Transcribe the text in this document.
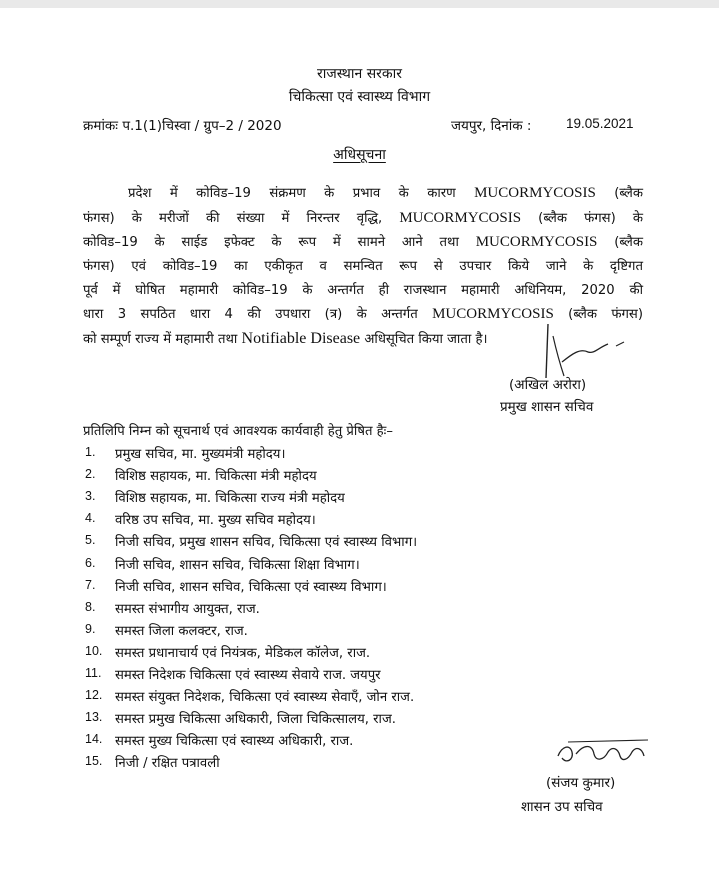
राजस्थान सरकार
चिकित्सा एवं स्वास्थ्य विभाग
क्रमांकः प.1(1)चिस्वा / ग्रुप–2 / 2020	जयपुर, दिनांक :	19.05.2021
अधिसूचना
प्रदेश में कोविड–19 संक्रमण के प्रभाव के कारण MUCORMYCOSIS (ब्लैक
फंगस) के मरीजों की संख्या में निरन्तर वृद्धि, MUCORMYCOSIS (ब्लैक फंगस) के
कोविड–19 के साईड इफेक्ट के रूप में सामने आने तथा MUCORMYCOSIS (ब्लैक
फंगस) एवं कोविड–19 का एकीकृत व समन्वित रूप से उपचार किये जाने के दृष्टिगत
पूर्व में घोषित महामारी कोविड–19 के अन्तर्गत ही राजस्थान महामारी अधिनियम, 2020 की
धारा 3 सपठित धारा 4 की उपधारा (त्र) के अन्तर्गत MUCORMYCOSIS (ब्लैक फंगस)
को सम्पूर्ण राज्य में महामारी तथा Notifiable Disease अधिसूचित किया जाता है।
(अखिल अरोरा)
प्रमुख शासन सचिव
प्रतिलिपि निम्न को सूचनार्थ एवं आवश्यक कार्यवाही हेतु प्रेषित हैः–
1. प्रमुख सचिव, मा. मुख्यमंत्री महोदय।
2. विशिष्ठ सहायक, मा. चिकित्सा मंत्री महोदय
3. विशिष्ठ सहायक, मा. चिकित्सा राज्य मंत्री महोदय
4. वरिष्ठ उप सचिव, मा. मुख्य सचिव महोदय।
5. निजी सचिव, प्रमुख शासन सचिव, चिकित्सा एवं स्वास्थ्य विभाग।
6. निजी सचिव, शासन सचिव, चिकित्सा शिक्षा विभाग।
7. निजी सचिव, शासन सचिव, चिकित्सा एवं स्वास्थ्य विभाग।
8. समस्त संभागीय आयुक्त, राज.
9. समस्त जिला कलक्टर, राज.
10. समस्त प्रधानाचार्य एवं नियंत्रक, मेडिकल कॉलेज, राज.
11. समस्त निदेशक चिकित्सा एवं स्वास्थ्य सेवाये राज. जयपुर
12. समस्त संयुक्त निदेशक, चिकित्सा एवं स्वास्थ्य सेवाएँ, जोन राज.
13. समस्त प्रमुख चिकित्सा अधिकारी, जिला चिकित्सालय, राज.
14. समस्त मुख्य चिकित्सा एवं स्वास्थ्य अधिकारी, राज.
15. निजी / रक्षित पत्रावली
(संजय कुमार)
शासन उप सचिव
